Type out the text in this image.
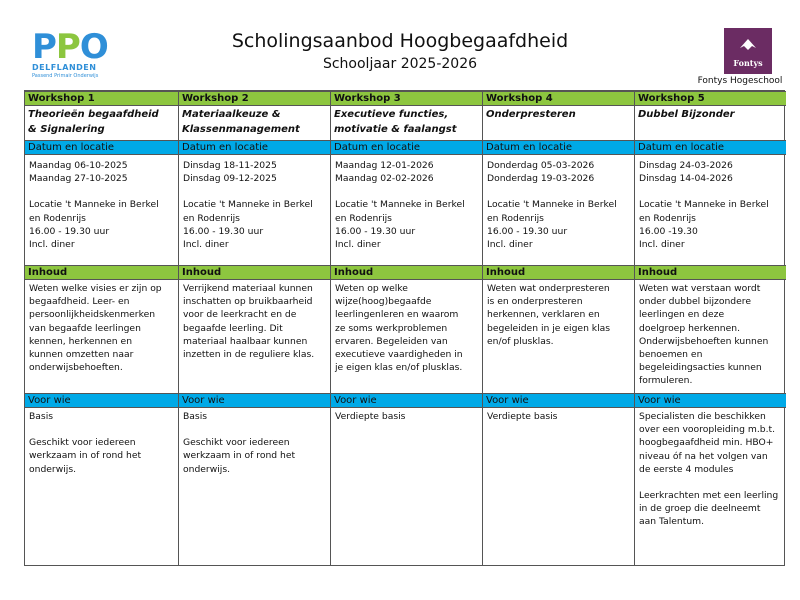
PPO
DELFLANDEN
Passend Primair Onderwijs
Scholingsaanbod Hoogbegaafdheid
Schooljaar 2025-2026	Fontys
Fontys Hogeschool
Workshop 1
Theorieën begaafdheid
& Signalering
Datum en locatie
Maandag 06-10-2025
Maandag 27-10-2025
Locatie 't Manneke in Berkel
en Rodenrijs
16.00 - 19.30 uur
Incl. diner
Inhoud
Weten welke visies er zijn op
begaafdheid. Leer- en
persoonlijkheidskenmerken
van begaafde leerlingen
kennen, herkennen en
kunnen omzetten naar
onderwijsbehoeften.
Voor wie
Basis
Geschikt voor iedereen
werkzaam in of rond het
onderwijs.
Workshop 2
Materiaalkeuze &
Klassenmanagement
Datum en locatie
Dinsdag 18-11-2025
Dinsdag 09-12-2025
Locatie 't Manneke in Berkel
en Rodenrijs
16.00 - 19.30 uur
Incl. diner
Inhoud
Verrijkend materiaal kunnen
inschatten op bruikbaarheid
voor de leerkracht en de
begaafde leerling. Dit
materiaal haalbaar kunnen
inzetten in de reguliere klas.
Voor wie
Basis
Geschikt voor iedereen
werkzaam in of rond het
onderwijs.
Workshop 3
Executieve functies,
motivatie & faalangst
Datum en locatie
Maandag 12-01-2026
Maandag 02-02-2026
Locatie 't Manneke in Berkel
en Rodenrijs
16.00 - 19.30 uur
Incl. diner
Inhoud
Weten op welke
wijze(hoog)begaafde
leerlingenleren en waarom
ze soms werkproblemen
ervaren. Begeleiden van
executieve vaardigheden in
je eigen klas en/of plusklas.
Voor wie
Verdiepte basis
Workshop 4
Onderpresteren
Datum en locatie
Donderdag 05-03-2026
Donderdag 19-03-2026
Locatie 't Manneke in Berkel
en Rodenrijs
16.00 - 19.30 uur
Incl. diner
Inhoud
Weten wat onderpresteren
is en onderpresteren
herkennen, verklaren en
begeleiden in je eigen klas
en/of plusklas.
Voor wie
Verdiepte basis
Workshop 5
Dubbel Bijzonder
Datum en locatie
Dinsdag 24-03-2026
Dinsdag 14-04-2026
Locatie 't Manneke in Berkel
en Rodenrijs
16.00 -19.30
Incl. diner
Inhoud
Weten wat verstaan wordt
onder dubbel bijzondere
leerlingen en deze
doelgroep herkennen.
Onderwijsbehoeften kunnen
benoemen en
begeleidingsacties kunnen
formuleren.
Voor wie
Specialisten die beschikken
over een vooropleiding m.b.t.
hoogbegaafdheid min. HBO+
niveau óf na het volgen van
de eerste 4 modules
Leerkrachten met een leerling
in de groep die deelneemt
aan Talentum.
